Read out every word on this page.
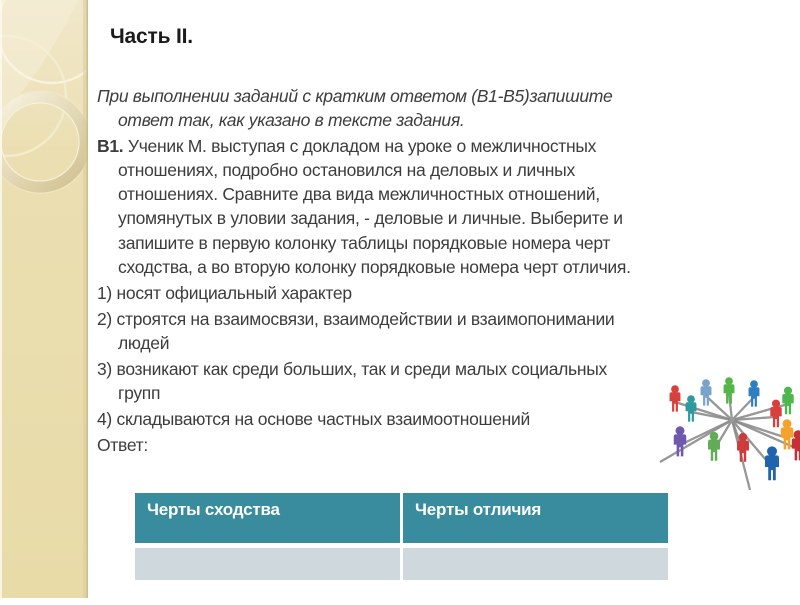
Часть II.
При выполнении заданий с кратким ответом (В1-В5)запишите
ответ так, как указано в тексте задания.
В1. Ученик М. выступая с докладом на уроке о межличностных
отношениях, подробно остановился на деловых и личных
отношениях. Сравните два вида межличностных отношений,
упомянутых в уловии задания, - деловые и личные. Выберите и
запишите в первую колонку таблицы порядковые номера черт
сходства, а во вторую колонку порядковые номера черт отличия.
1) носят официальный характер
2) строятся на взаимосвязи, взаимодействии и взаимопонимании
людей
3) возникают как среди больших, так и среди малых социальных
групп
4) складываются на основе частных взаимоотношений
Ответ:
Черты сходства	Черты отличия
